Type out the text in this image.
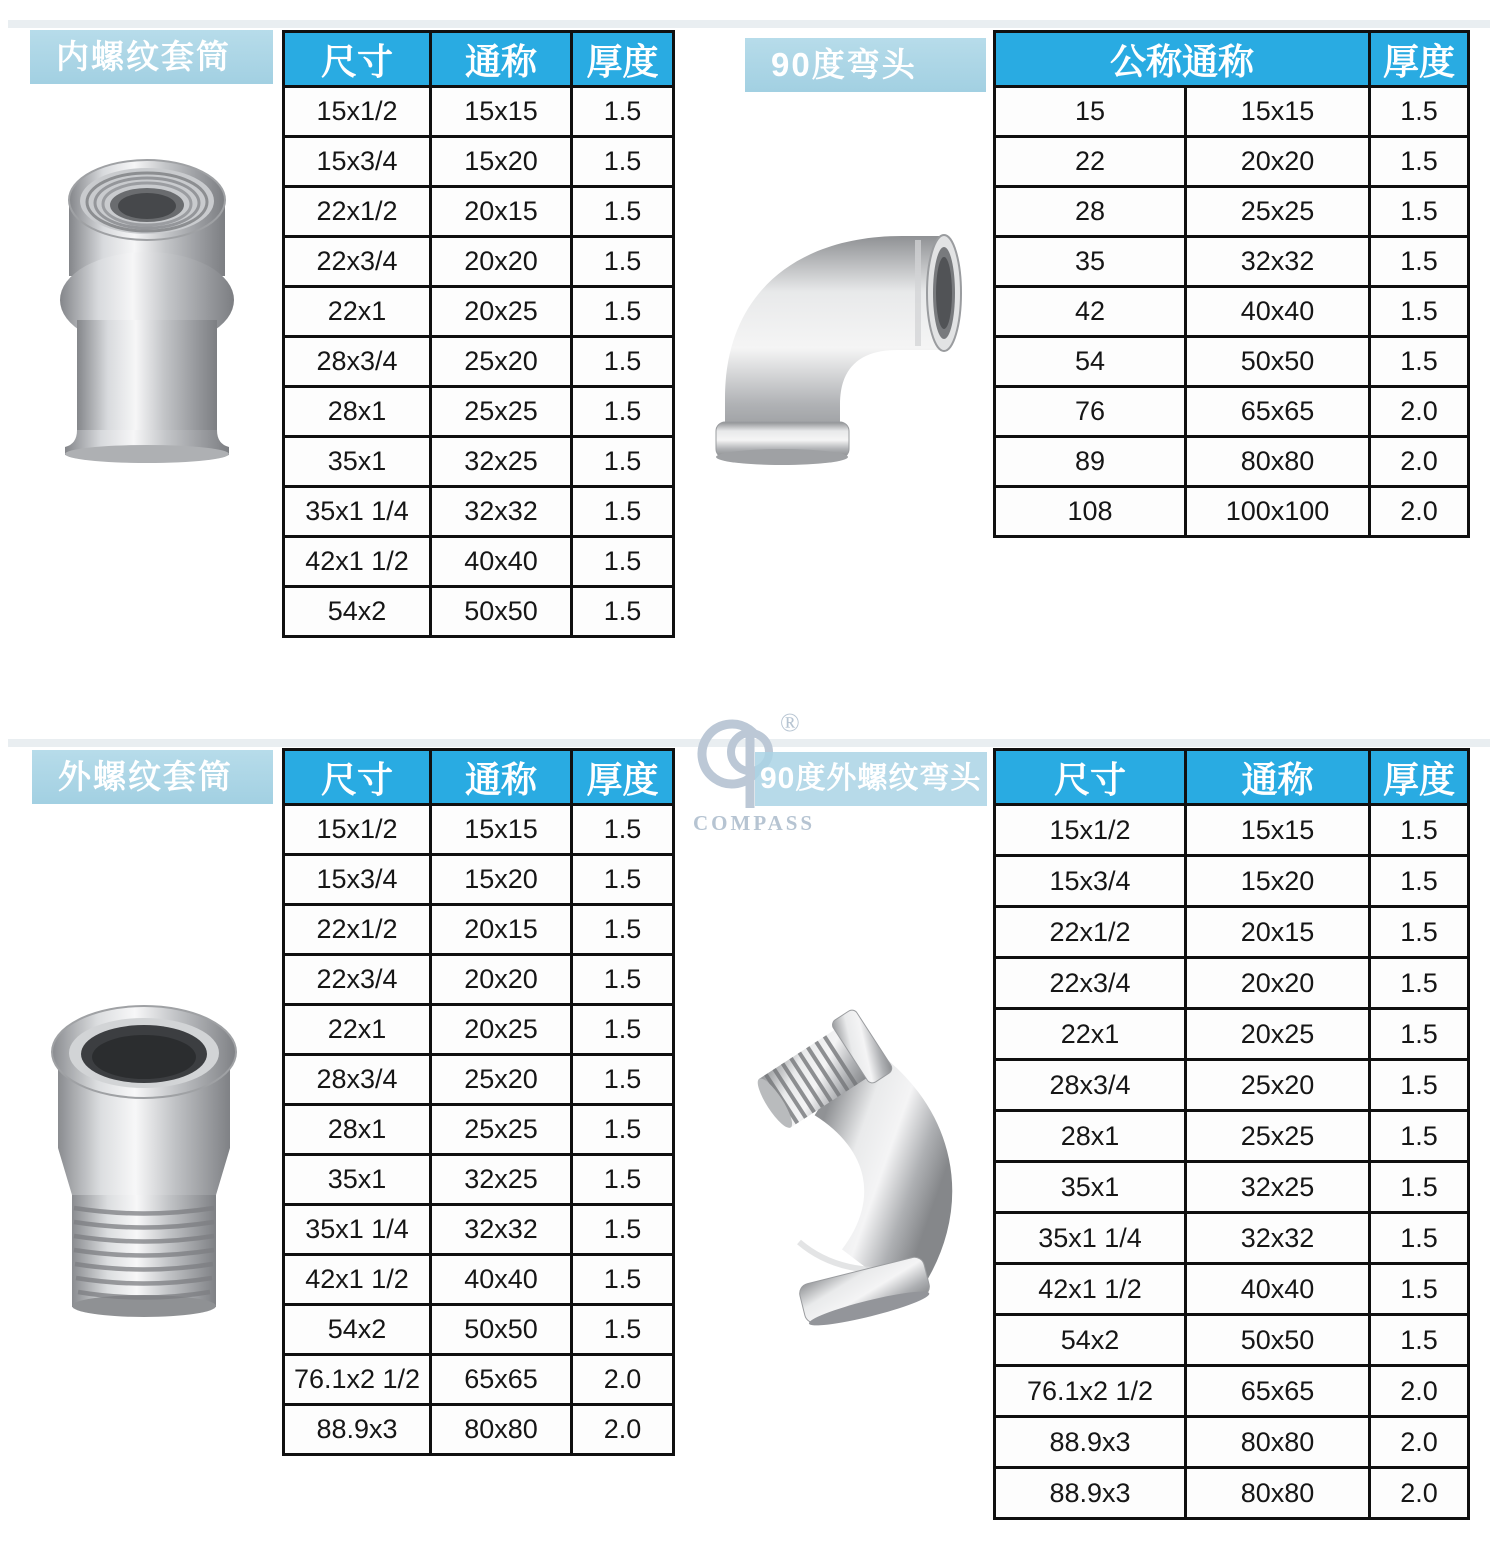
®
COMPASS
内螺纹套筒	尺寸	通称	厚度
15x1/2	15x15	1.5
15x3/4	15x20	1.5
22x1/2	20x15	1.5
22x3/4	20x20	1.5
22x1	20x25	1.5
28x3/4	25x20	1.5
28x1	25x25	1.5
35x1	32x25	1.5
35x1 1/4	32x32	1.5
42x1 1/2	40x40	1.5
54x2	50x50	1.5
90度弯头	公称通称		厚度
15	15x15	1.5
22	20x20	1.5
28	25x25	1.5
35	32x32	1.5
42	40x40	1.5
54	50x50	1.5
76	65x65	2.0
89	80x80	2.0
108	100x100	2.0
外螺纹套筒	尺寸	通称	厚度
15x1/2	15x15	1.5
15x3/4	15x20	1.5
22x1/2	20x15	1.5
22x3/4	20x20	1.5
22x1	20x25	1.5
28x3/4	25x20	1.5
28x1	25x25	1.5
35x1	32x25	1.5
35x1 1/4	32x32	1.5
42x1 1/2	40x40	1.5
54x2	50x50	1.5
76.1x2 1/2	65x65	2.0
88.9x3	80x80	2.0
90度外螺纹弯头 尺寸	通称	厚度
15x1/2	15x15	1.5
15x3/4	15x20	1.5
22x1/2	20x15	1.5
22x3/4	20x20	1.5
22x1	20x25	1.5
28x3/4	25x20	1.5
28x1	25x25	1.5
35x1	32x25	1.5
35x1 1/4	32x32	1.5
42x1 1/2	40x40	1.5
54x2	50x50	1.5
76.1x2 1/2	65x65	2.0
88.9x3	80x80	2.0
88.9x3	80x80	2.0
